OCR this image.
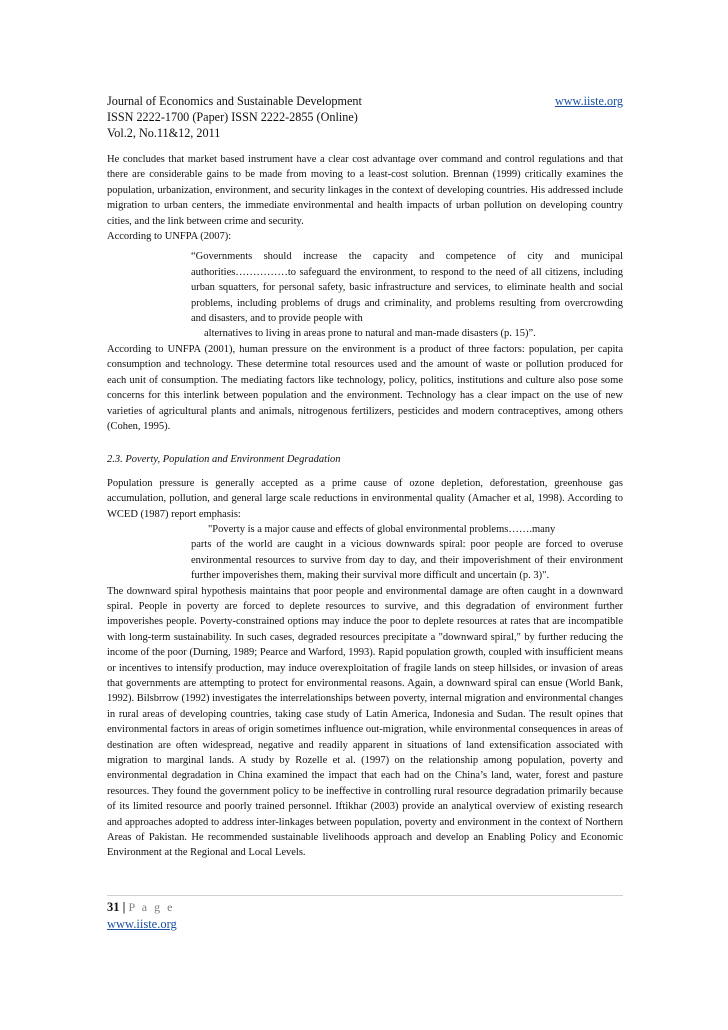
Journal of Economics and Sustainable Development	www.iiste.org
ISSN 2222-1700 (Paper) ISSN 2222-2855 (Online)
Vol.2, No.11&12, 2011

He concludes that market based instrument have a clear cost advantage over command and control regulations and that there are considerable gains to be made from moving to a least-cost solution. Brennan (1999) critically examines the population, urbanization, environment, and security linkages in the context of developing countries. His addressed include migration to urban centers, the immediate environmental and health impacts of urban pollution on developing country cities, and the link between crime and security.

According to UNFPA (2007):

“Governments should increase the capacity and competence of city and municipal authorities……………to safeguard the environment, to respond to the need of all citizens, including urban squatters, for personal safety, basic infrastructure and services, to eliminate health and social problems, including problems of drugs and criminality, and problems resulting from overcrowding and disasters, and to provide people with
alternatives to living in areas prone to natural and man-made disasters (p. 15)”.

According to UNFPA (2001), human pressure on the environment is a product of three factors: population, per capita consumption and technology. These determine total resources used and the amount of waste or pollution produced for each unit of consumption. The mediating factors like technology, policy, politics, institutions and culture also pose some concerns for this interlink between population and the environment. Technology has a clear impact on the use of new varieties of agricultural plants and animals, nitrogenous fertilizers, pesticides and modern contraceptives, among others (Cohen, 1995).

2.3. Poverty, Population and Environment Degradation

Population pressure is generally accepted as a prime cause of ozone depletion, deforestation, greenhouse gas accumulation, pollution, and general large scale reductions in environmental quality (Amacher et al, 1998). According to WCED (1987) report emphasis:

"Poverty is a major cause and effects of global environmental problems…….many
parts of the world are caught in a vicious downwards spiral: poor people are forced to overuse environmental resources to survive from day to day, and their impoverishment of their environment further impoverishes them, making their survival more difficult and uncertain (p. 3)".

The downward spiral hypothesis maintains that poor people and environmental damage are often caught in a downward spiral. People in poverty are forced to deplete resources to survive, and this degradation of environment further impoverishes people. Poverty-constrained options may induce the poor to deplete resources at rates that are incompatible with long-term sustainability. In such cases, degraded resources precipitate a "downward spiral," by further reducing the income of the poor (Durning, 1989; Pearce and Warford, 1993). Rapid population growth, coupled with insufficient means or incentives to intensify production, may induce overexploitation of fragile lands on steep hillsides, or invasion of areas that governments are attempting to protect for environmental reasons. Again, a downward spiral can ensue (World Bank, 1992). Bilsbrrow (1992) investigates the interrelationships between poverty, internal migration and environmental changes in rural areas of developing countries, taking case study of Latin America, Indonesia and Sudan. The result opines that environmental factors in areas of origin sometimes influence out-migration, while environmental consequences in areas of destination are often widespread, negative and readily apparent in situations of land extensification associated with migration to marginal lands. A study by Rozelle et al. (1997) on the relationship among population, poverty and environmental degradation in China examined the impact that each had on the China’s land, water, forest and pasture resources. They found the government policy to be ineffective in controlling rural resource degradation primarily because of its limited resource and poorly trained personnel. Iftikhar (2003) provide an analytical overview of existing research and approaches adopted to address inter-linkages between population, poverty and environment in the context of Northern Areas of Pakistan. He recommended sustainable livelihoods approach and develop an Enabling Policy and Economic Environment at the Regional and Local Levels.

31 | P a g e
www.iiste.org
